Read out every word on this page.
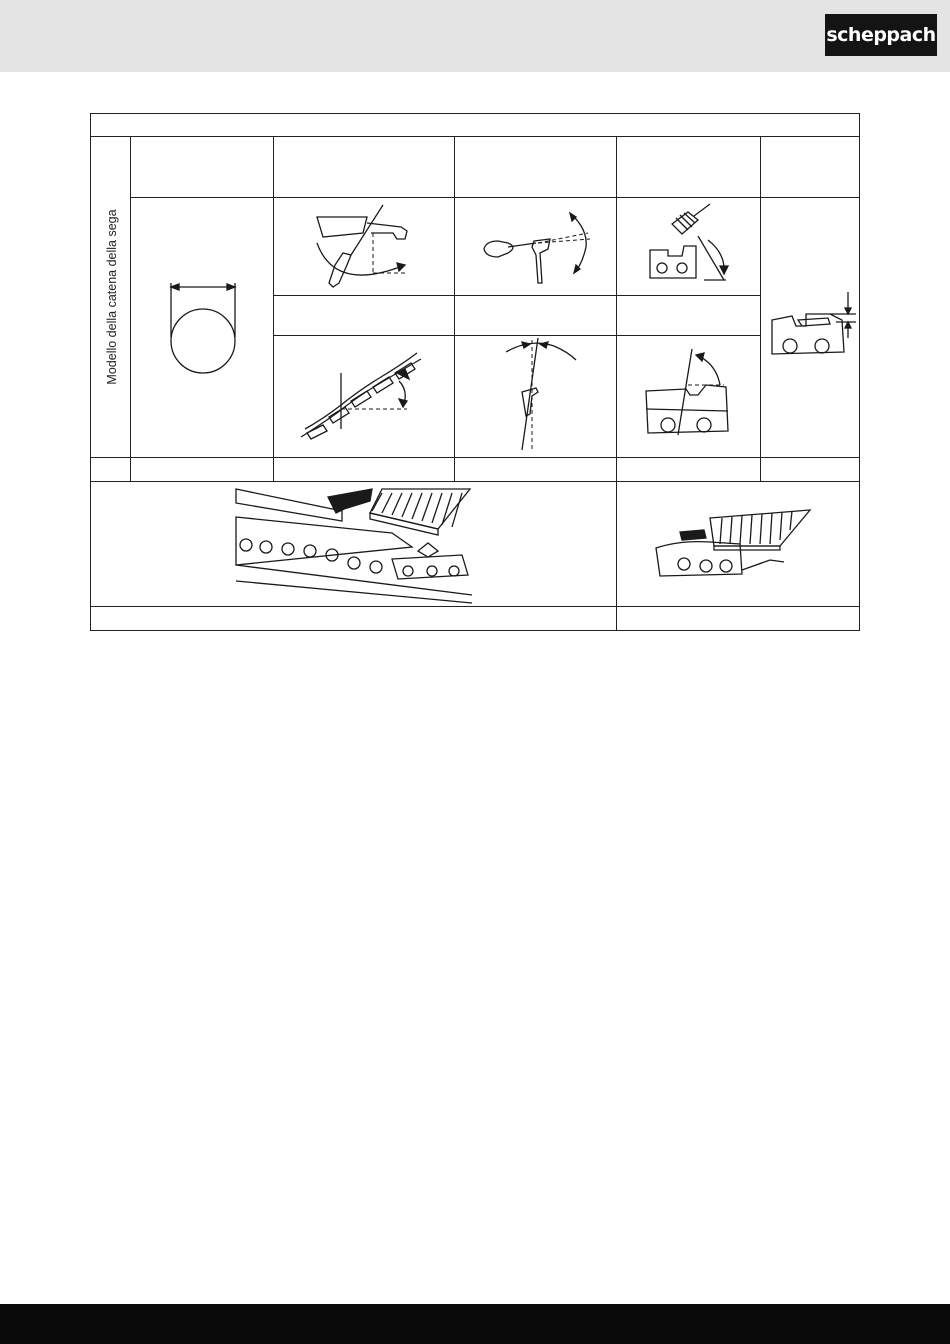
scheppach
Modello della catena della sega
